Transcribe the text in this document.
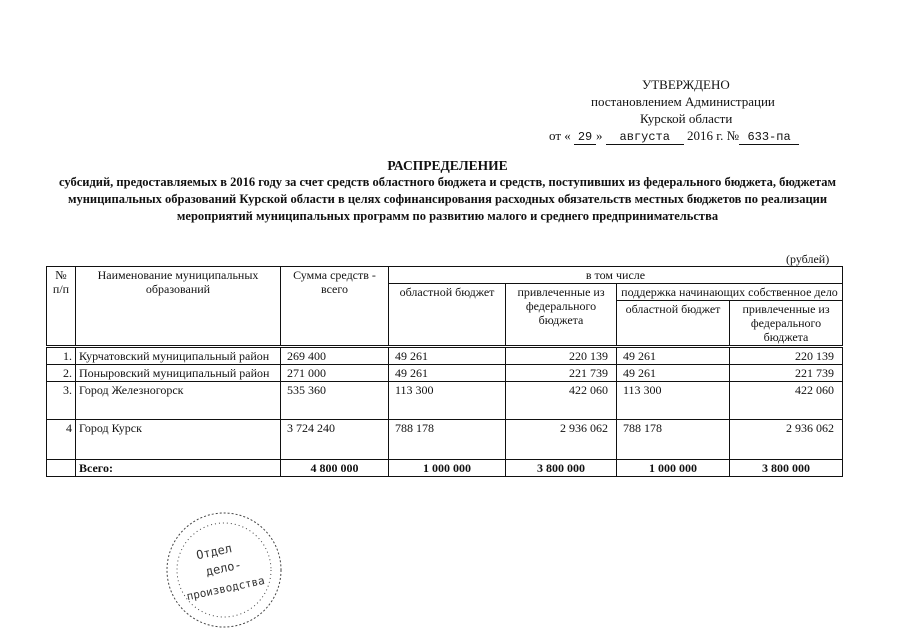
УТВЕРЖДЕНО
постановлением Администрации
Курской области
от « 29 » августа 2016 г. № 633-па
РАСПРЕДЕЛЕНИЕ
субсидий, предоставляемых в 2016 году за счет средств областного бюджета и средств, поступивших из федерального бюджета, бюджетам муниципальных образований Курской области в целях софинансирования расходных обязательств местных бюджетов по реализации мероприятий муниципальных программ по развитию малого и среднего предпринимательства
(рублей)
№ п/п	Наименование муниципальных образований	Сумма средств - всего	в том числе			
			областной бюджет	привлеченные из федерального бюджета	поддержка начинающих собственное дело	
					областной бюджет	привлеченные из федерального бюджета
1.	Курчатовский муниципальный район	269 400	49 261	220 139	49 261	220 139
2.	Поныровский муниципальный район	271 000	49 261	221 739	49 261	221 739
3.	Город Железногорск	535 360	113 300	422 060	113 300	422 060
4	Город Курск	3 724 240	788 178	2 936 062	788 178	2 936 062
	Всего:	4 800 000	1 000 000	3 800 000	1 000 000	3 800 000
Отдел
дело-
производства
